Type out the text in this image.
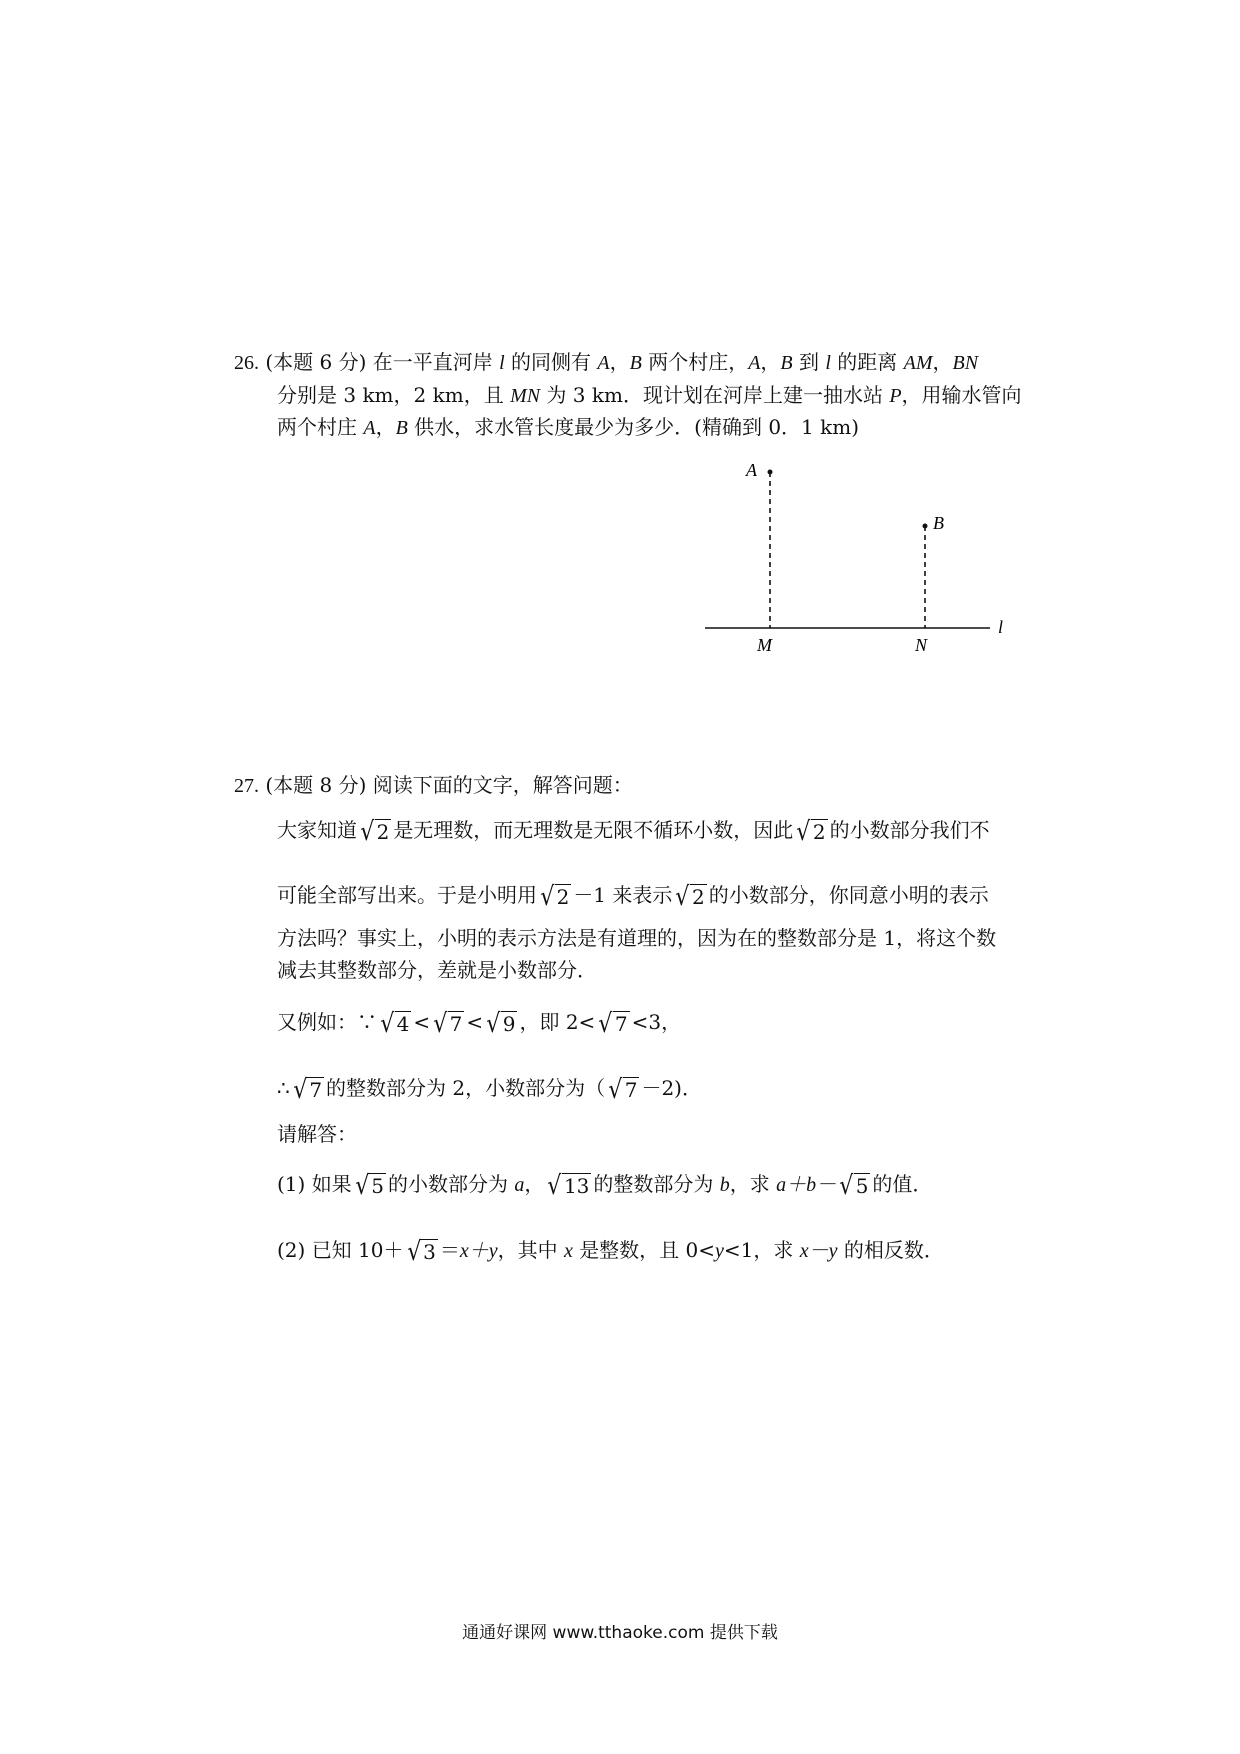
26. (本题 6 分) 在一平直河岸 l 的同侧有 A，B 两个村庄，A，B 到 l 的距离 AM，BN
分别是 3 km，2 km，且 MN 为 3 km．现计划在河岸上建一抽水站 P，用输水管向
两个村庄 A，B 供水，求水管长度最少为多少．(精确到 0．1 km)
A
B
M	N
l
27. (本题 8 分) 阅读下面的文字，解答问题：
大家知道 √ 2 是无理数，而无理数是无限不循环小数，因此 √ 2 的小数部分我们不
可能全部写出来。于是小明用 √ 2 －1 来表示 √ 2 的小数部分，你同意小明的表示
方法吗？事实上，小明的表示方法是有道理的，因为在的整数部分是 1，将这个数
减去其整数部分，差就是小数部分．
又例如：∵ √ 4 < √ 7 < √ 9 ，即 2< √ 7 <3，
∴ √ 7 的整数部分为 2，小数部分为（ √ 7 －2)．
请解答：
(1) 如果 √ 5 的小数部分为 a， √ 13 的整数部分为 b，求 a＋b－ √ 5 的值．
(2) 已知 10＋ √ 3 ＝x＋y，其中 x 是整数，且 0<y<1，求 x－y 的相反数．
通通好课网 www.tthaoke.com 提供下载
